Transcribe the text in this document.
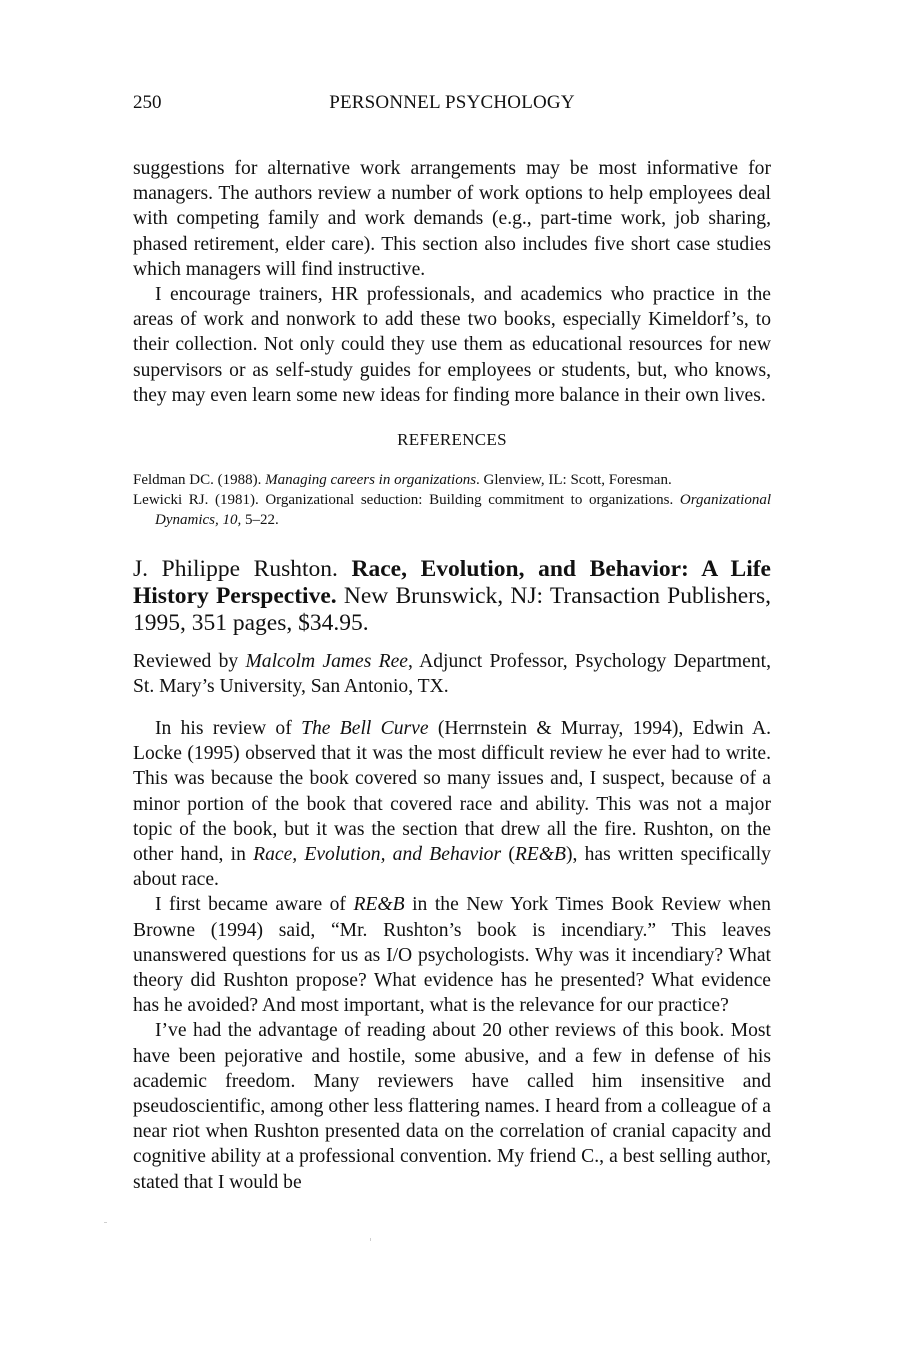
250	PERSONNEL PSYCHOLOGY

suggestions for alternative work arrangements may be most informative for managers. The authors review a number of work options to help employees deal with competing family and work demands (e.g., part-time work, job sharing, phased retirement, elder care). This section also includes five short case studies which managers will find instructive.

I encourage trainers, HR professionals, and academics who practice in the areas of work and nonwork to add these two books, especially Kimeldorf’s, to their collection. Not only could they use them as educational resources for new supervisors or as self-study guides for employees or students, but, who knows, they may even learn some new ideas for finding more balance in their own lives.

REFERENCES

Feldman DC. (1988). Managing careers in organizations. Glenview, IL: Scott, Foresman.

Lewicki RJ. (1981). Organizational seduction: Building commitment to organizations. Organizational Dynamics, 10, 5–22.

J. Philippe Rushton. Race, Evolution, and Behavior: A Life History Perspective. New Brunswick, NJ: Transaction Publishers, 1995, 351 pages, $34.95.

Reviewed by Malcolm James Ree, Adjunct Professor, Psychology Department, St. Mary’s University, San Antonio, TX.

In his review of The Bell Curve (Herrnstein & Murray, 1994), Edwin A. Locke (1995) observed that it was the most difficult review he ever had to write. This was because the book covered so many issues and, I suspect, because of a minor portion of the book that covered race and ability. This was not a major topic of the book, but it was the section that drew all the fire. Rushton, on the other hand, in Race, Evolution, and Behavior (RE&B), has written specifically about race.

I first became aware of RE&B in the New York Times Book Review when Browne (1994) said, “Mr. Rushton’s book is incendiary.” This leaves unanswered questions for us as I/O psychologists. Why was it incendiary? What theory did Rushton propose? What evidence has he presented? What evidence has he avoided? And most important, what is the relevance for our practice?

I’ve had the advantage of reading about 20 other reviews of this book. Most have been pejorative and hostile, some abusive, and a few in defense of his academic freedom. Many reviewers have called him insensitive and pseudoscientific, among other less flattering names. I heard from a colleague of a near riot when Rushton presented data on the correlation of cranial capacity and cognitive ability at a professional convention. My friend C., a best selling author, stated that I would be
